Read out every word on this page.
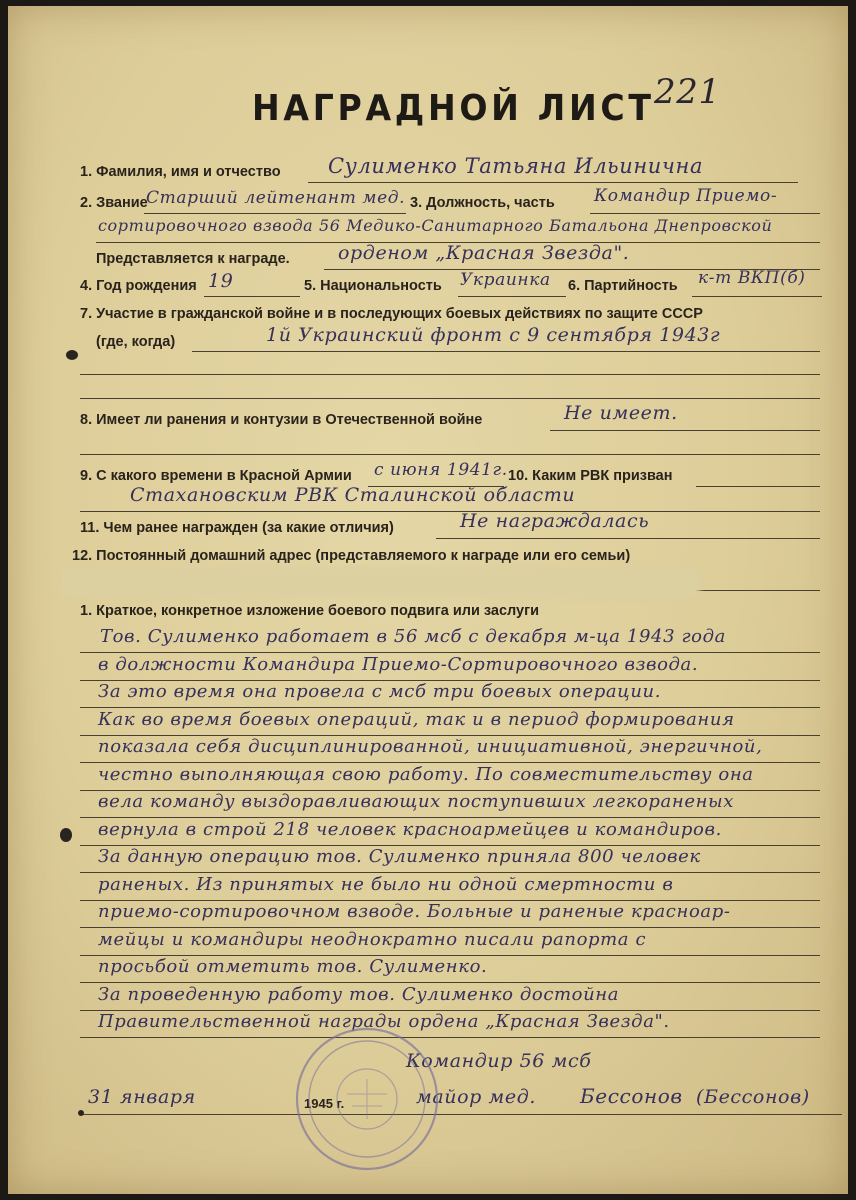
НАГРАДНОЙ ЛИСТ 221
1. Фамилия, имя и отчество Сулименко Татьяна Ильинична
2. Звание
Старший лейтенант мед. 3. Должность, часть Командир Приемо-
сортировочного взвода 56 Медико-Санитарного Батальона Днепровской
Представляется к награде.	орденом „Красная Звезда".
4. Год рождения 19	5. Национальность Украинка 6. Партийность к-т ВКП(б)
7. Участие в гражданской войне и в последующих боевых действиях по защите СССР
(где, когда)	1й Украинский фронт с 9 сентября 1943г
8. Имеет ли ранения и контузии в Отечественной войне	Не имеет.
9. С какого времени в Красной Армии с июня 1941г. 10. Каким РВК призван
Стахановским РВК Сталинской области
11. Чем ранее награжден (за какие отличия)	Не награждалась
12. Постоянный домашний адрес (представляемого к награде или его семьи)
1. Краткое, конкретное изложение боевого подвига или заслуги
Тов. Сулименко работает в 56 мсб с декабря м-ца 1943 года
в должности Командира Приемо-Сортировочного взвода.
За это время она провела с мсб три боевых операции.
Как во время боевых операций, так и в период формирования
показала себя дисциплинированной, инициативной, энергичной,
честно выполняющая свою работу. По совместительству она
вела команду выздоравливающих поступивших легкораненых
вернула в строй 218 человек красноармейцев и командиров.
За данную операцию тов. Сулименко приняла 800 человек
раненых. Из принятых не было ни одной смертности в
приемо-сортировочном взводе. Больные и раненые красноар-
мейцы и командиры неоднократно писали рапорта с
просьбой отметить тов. Сулименко.
За проведенную работу тов. Сулименко достойна
Правительственной награды ордена „Красная Звезда".
Командир 56 мсб
31 января	1945 г.	майор мед. Бессонов (Бессонов)
